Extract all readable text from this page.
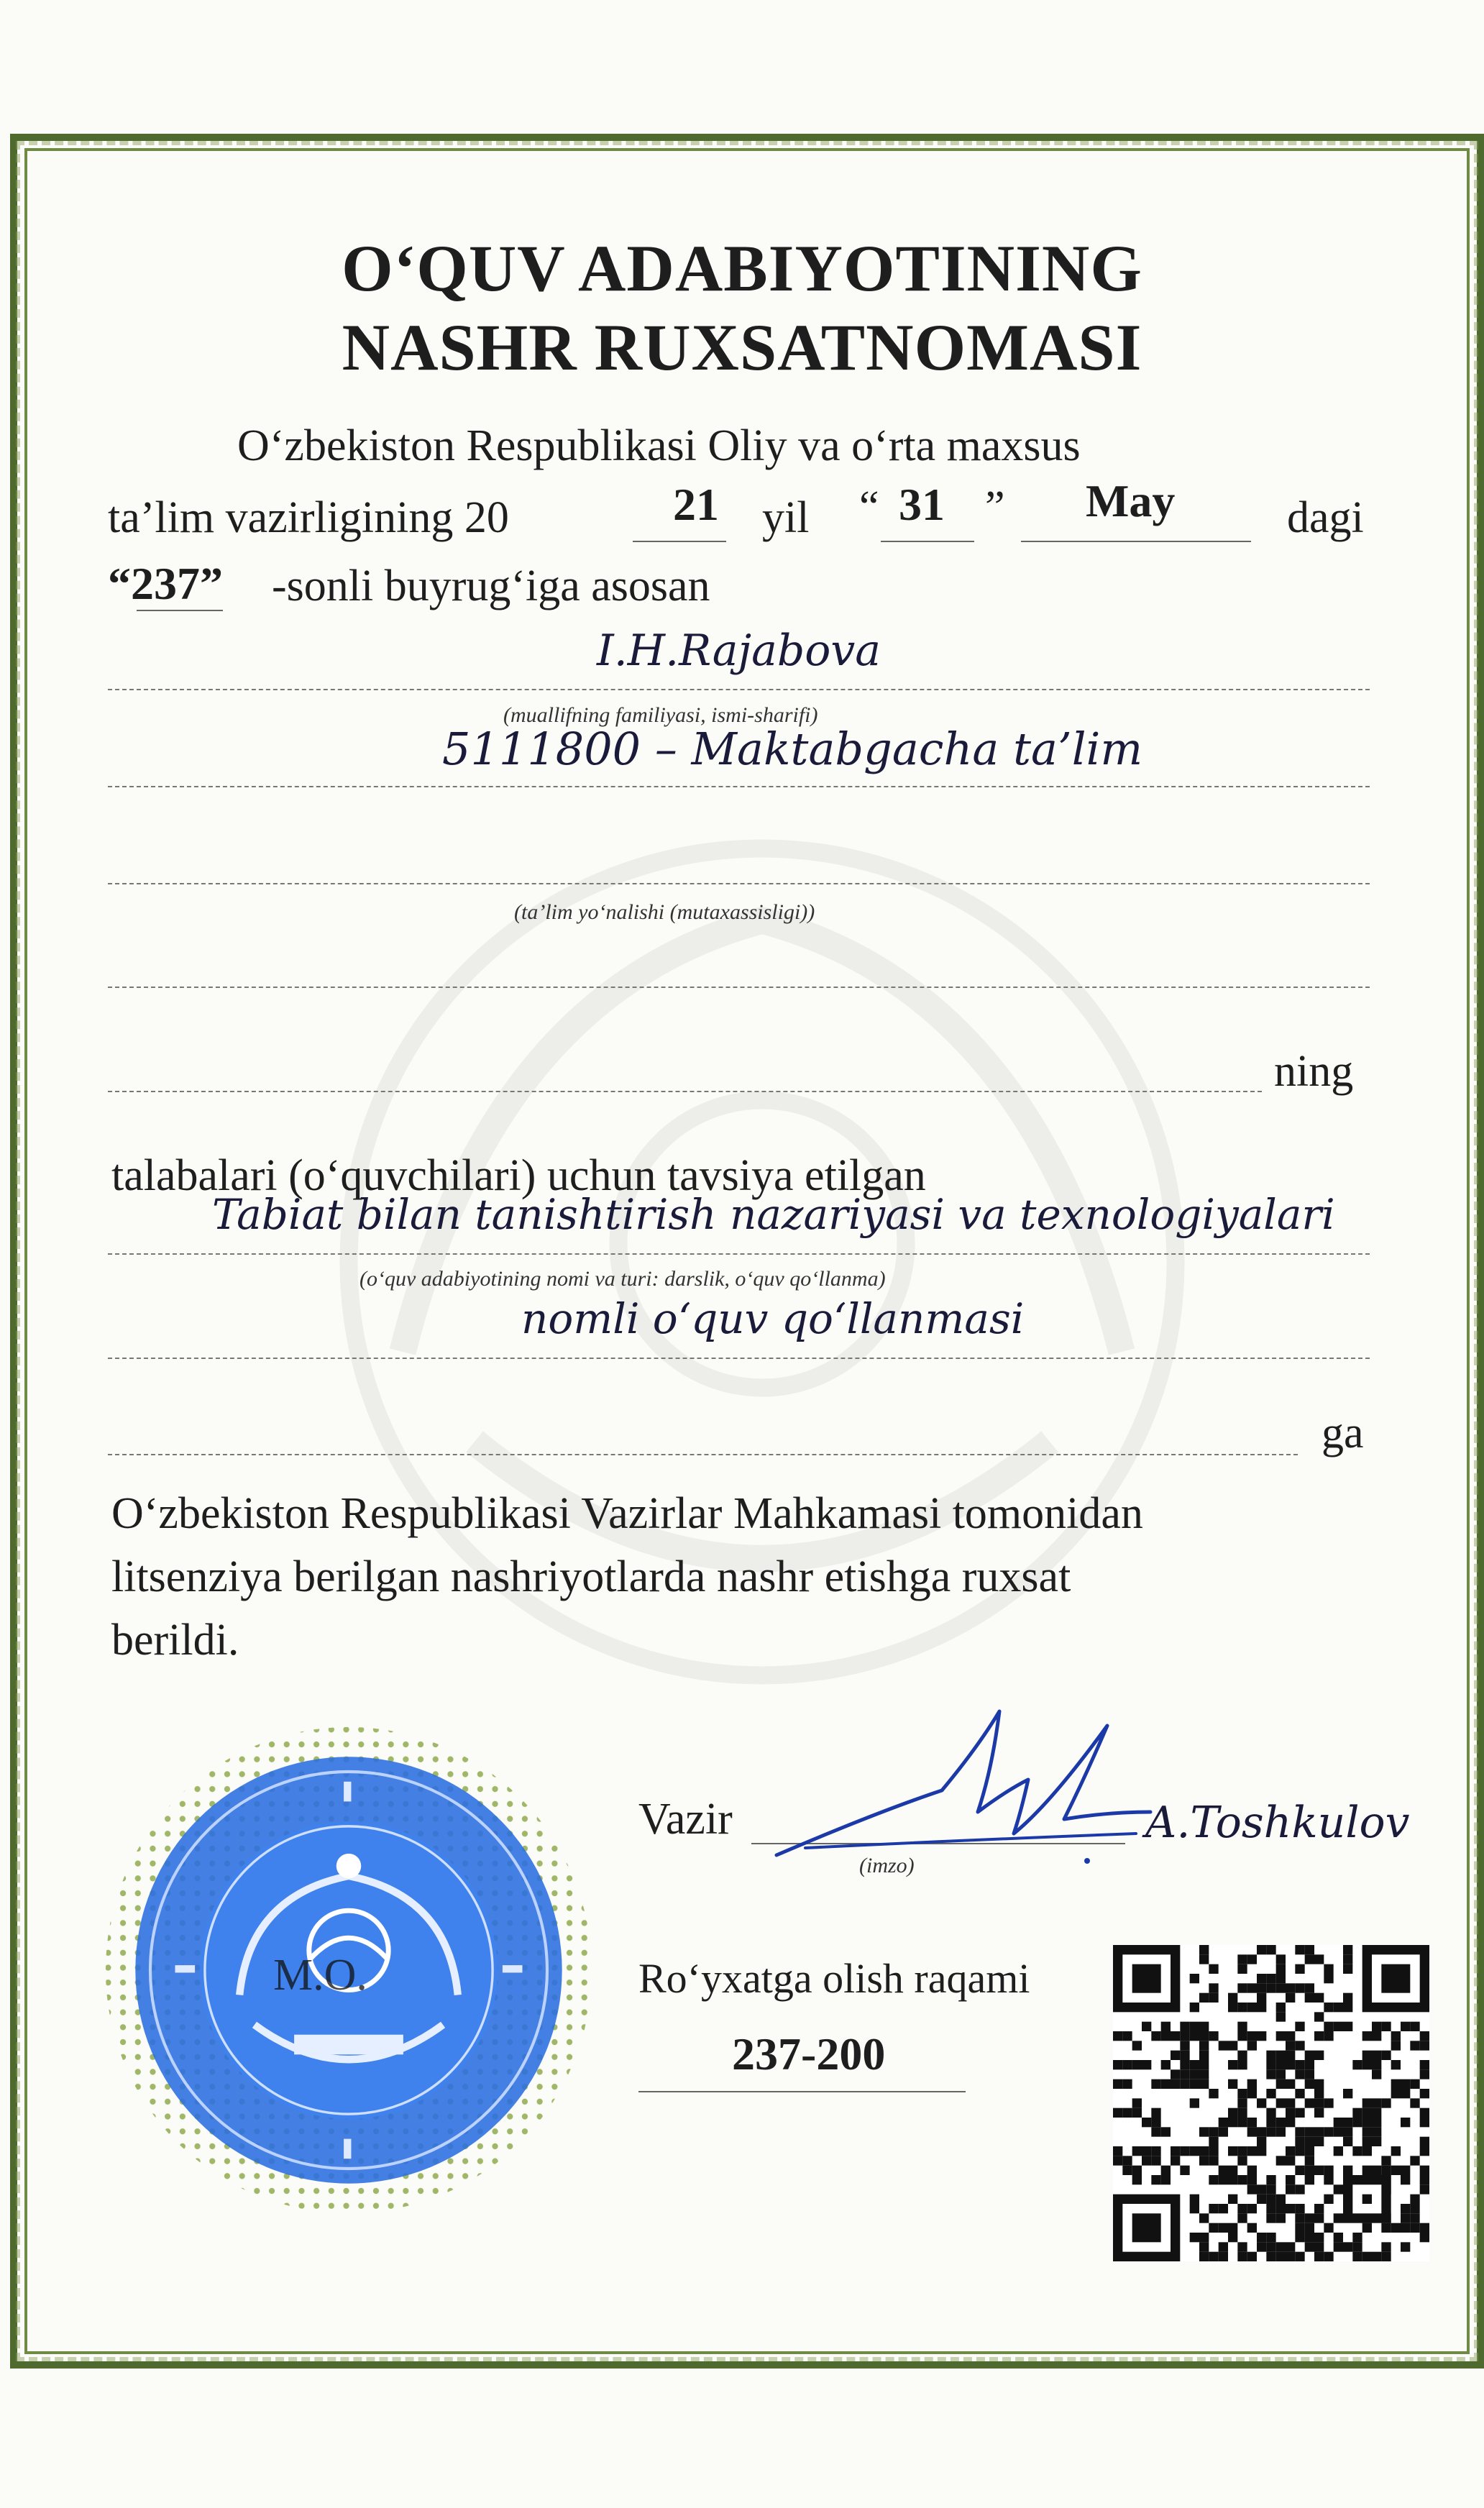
O‘QUV ADABIYOTINING
NASHR RUXSATNOMASI
O‘zbekiston Respublikasi Oliy va o‘rta maxsus
ta’lim vazirligining 20	21 yil “ 31 ” May	dagi
“237” -sonli buyrug‘iga asosan
I.H.Rajabova
(muallifning familiyasi, ismi-sharifi)
5111800 – Maktabgacha ta’lim
(ta’lim yo‘nalishi (mutaxassisligi))
ning
talabalari (o‘quvchilari) uchun tavsiya etilgan
Tabiat bilan tanishtirish nazariyasi va texnologiyalari
(o‘quv adabiyotining nomi va turi: darslik, o‘quv qo‘llanma)
nomli o‘quv qo‘llanmasi
ga
O‘zbekiston Respublikasi Vazirlar Mahkamasi tomonidan
litsenziya berilgan nashriyotlarda nashr etishga ruxsat
berildi.
M.O.
Vazir
(imzo)
A.Toshkulov
Ro‘yxatga olish raqami
237-200
